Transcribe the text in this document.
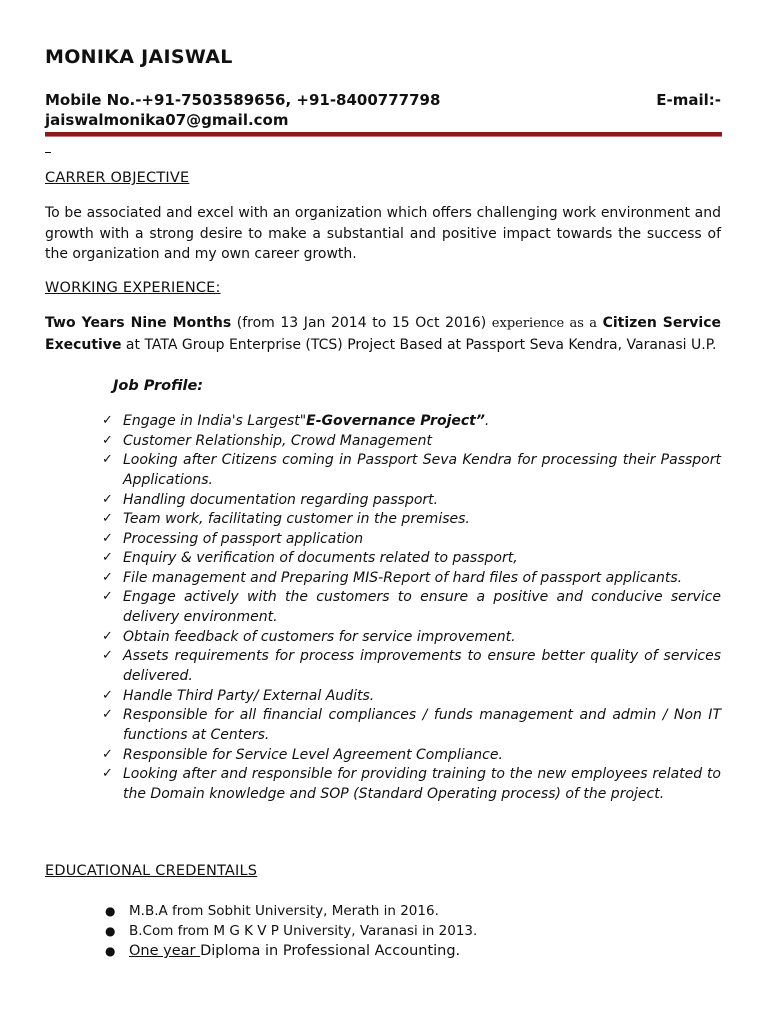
MONIKA JAISWAL
Mobile No.-+91-7503589656, +91-8400777798	E-mail:-
jaiswalmonika07@gmail.com
CARRER OBJECTIVE
To be associated and excel with an organization which offers challenging work environment and growth with a strong desire to make a substantial and positive impact towards the success of the organization and my own career growth.
WORKING EXPERIENCE:
Two Years Nine Months (from 13 Jan 2014 to 15 Oct 2016) experience as a Citizen Service Executive at TATA Group Enterprise (TCS) Project Based at Passport Seva Kendra, Varanasi U.P.
Job Profile:
✓ Engage in India's Largest"E-Governance Project”.
✓ Customer Relationship, Crowd Management
✓ Looking after Citizens coming in Passport Seva Kendra for processing their Passport Applications.
✓ Handling documentation regarding passport.
✓ Team work, facilitating customer in the premises.
✓ Processing of passport application
✓ Enquiry & verification of documents related to passport,
✓ File management and Preparing MIS-Report of hard files of passport applicants.
✓ Engage actively with the customers to ensure a positive and conducive service delivery environment.
✓ Obtain feedback of customers for service improvement.
✓ Assets requirements for process improvements to ensure better quality of services delivered.
✓ Handle Third Party/ External Audits.
✓ Responsible for all financial compliances / funds management and admin / Non IT functions at Centers.
✓ Responsible for Service Level Agreement Compliance.
✓ Looking after and responsible for providing training to the new employees related to the Domain knowledge and SOP (Standard Operating process) of the project.
EDUCATIONAL CREDENTAILS
● M.B.A from Sobhit University, Merath in 2016.
● B.Com from M G K V P University, Varanasi in 2013.
● One year Diploma in Professional Accounting.
